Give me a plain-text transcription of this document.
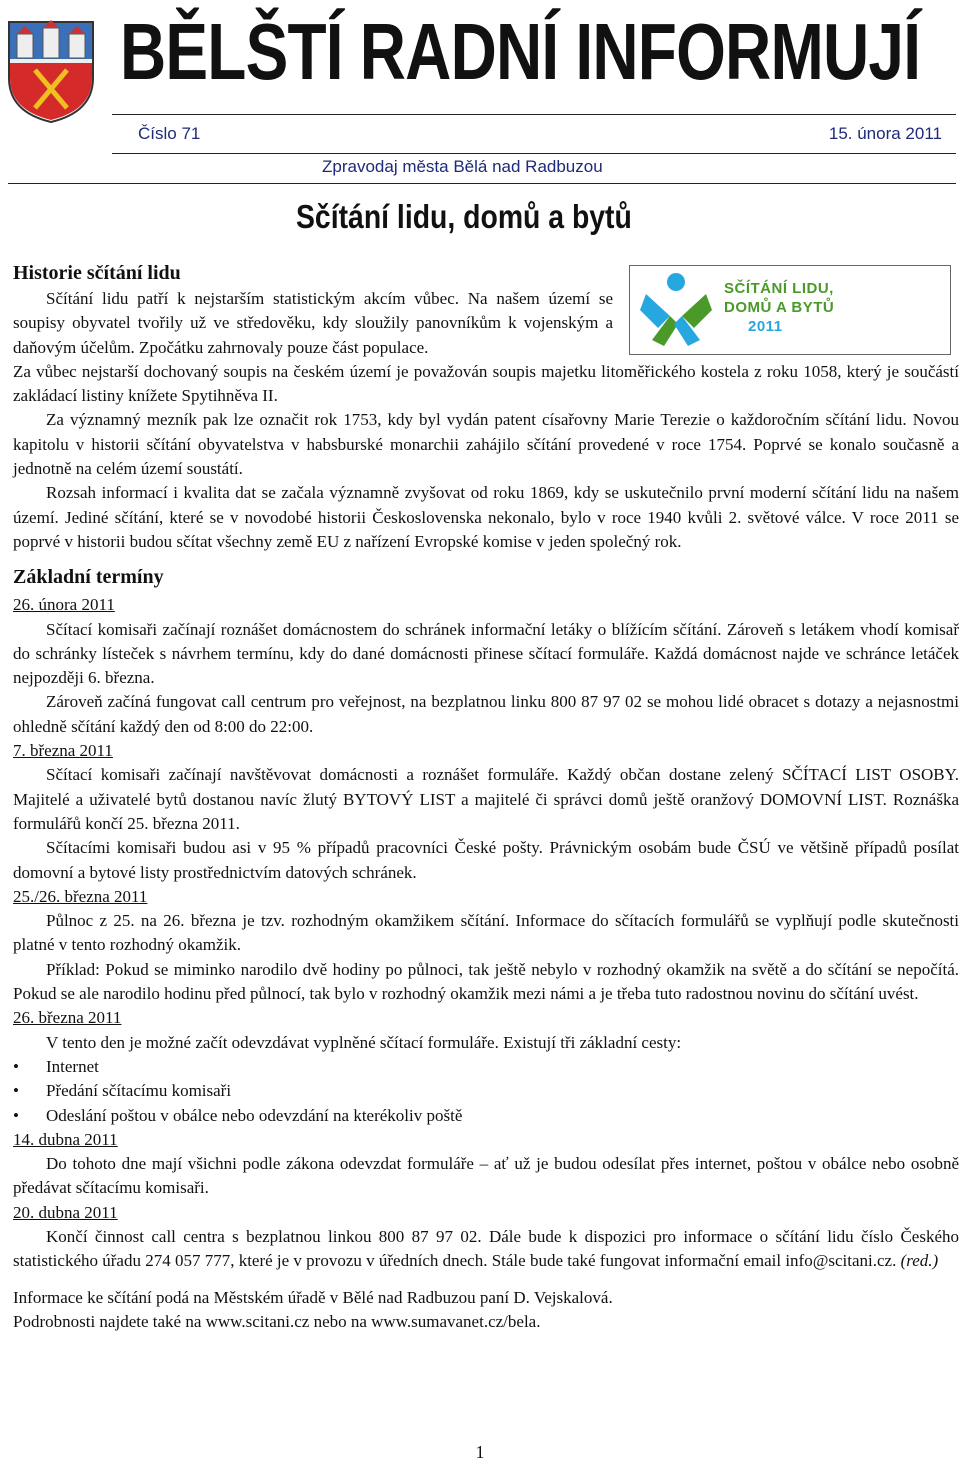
BĚLŠTÍ RADNÍ INFORMUJÍ
Číslo 71	15. února 2011
Zpravodaj města Bělá nad Radbuzou
Sčítání lidu, domů a bytů
SČÍTÁNÍ LIDU,
DOMŮ A BYTŮ
2011

Historie sčítání lidu

Sčítání lidu patří k nejstarším statistickým akcím vůbec. Na našem území se soupisy obyvatel tvořily už ve středověku, kdy sloužily panovníkům k vojenským a daňovým účelům. Zpočátku zahrnovaly pouze část populace.

Za vůbec nejstarší dochovaný soupis na českém území je považován soupis majetku litoměřického kostela z roku 1058, který je součástí zakládací listiny knížete Spytihněva II.

Za významný mezník pak lze označit rok 1753, kdy byl vydán patent císařovny Marie Terezie o každoročním sčítání lidu. Novou kapitolu v historii sčítání obyvatelstva v habsburské monarchii zahájilo sčítání provedené v roce 1754. Poprvé se konalo současně a jednotně na celém území soustátí.

Rozsah informací i kvalita dat se začala významně zvyšovat od roku 1869, kdy se uskutečnilo první moderní sčítání lidu na našem území. Jediné sčítání, které se v novodobé historii Československa nekonalo, bylo v roce 1940 kvůli 2. světové válce. V roce 2011 se poprvé v historii budou sčítat všechny země EU z nařízení Evropské komise v jeden společný rok.

Základní termíny

26. února 2011

Sčítací komisaři začínají roznášet domácnostem do schránek informační letáky o blížícím sčítání. Zároveň s letákem vhodí komisař do schránky lísteček s návrhem termínu, kdy do dané domácnosti přinese sčítací formuláře. Každá domácnost najde ve schránce letáček nejpozději 6. března.

Zároveň začíná fungovat call centrum pro veřejnost, na bezplatnou linku 800 87 97 02 se mohou lidé obracet s dotazy a nejasnostmi ohledně sčítání každý den od 8:00 do 22:00.

7. března 2011

Sčítací komisaři začínají navštěvovat domácnosti a roznášet formuláře. Každý občan dostane zelený SČÍTACÍ LIST OSOBY. Majitelé a uživatelé bytů dostanou navíc žlutý BYTOVÝ LIST a majitelé či správci domů ještě oranžový DOMOVNÍ LIST. Roznáška formulářů končí 25. března 2011.

Sčítacími komisaři budou asi v 95 % případů pracovníci České pošty. Právnickým osobám bude ČSÚ ve většině případů posílat domovní a bytové listy prostřednictvím datových schránek.

25./26. března 2011

Půlnoc z 25. na 26. března je tzv. rozhodným okamžikem sčítání. Informace do sčítacích formulářů se vyplňují podle skutečnosti platné v tento rozhodný okamžik.

Příklad: Pokud se miminko narodilo dvě hodiny po půlnoci, tak ještě nebylo v rozhodný okamžik na světě a do sčítání se nepočítá. Pokud se ale narodilo hodinu před půlnocí, tak bylo v rozhodný okamžik mezi námi a je třeba tuto radostnou novinu do sčítání uvést.

26. března 2011

V tento den je možné začít odevzdávat vyplněné sčítací formuláře. Existují tři základní cesty:

• Internet
• Předání sčítacímu komisaři
• Odeslání poštou v obálce nebo odevzdání na kterékoliv poště

14. dubna 2011

Do tohoto dne mají všichni podle zákona odevzdat formuláře – ať už je budou odesílat přes internet, poštou v obálce nebo osobně předávat sčítacímu komisaři.

20. dubna 2011

Končí činnost call centra s bezplatnou linkou 800 87 97 02. Dále bude k dispozici pro informace o sčítání lidu číslo Českého statistického úřadu 274 057 777, které je v provozu v úředních dnech. Stále bude také fungovat informační email info@scitani.cz. (red.)

Informace ke sčítání podá na Městském úřadě v Bělé nad Radbuzou paní D. Vejskalová.

Podrobnosti najdete také na www.scitani.cz nebo na www.sumavanet.cz/bela.

1
